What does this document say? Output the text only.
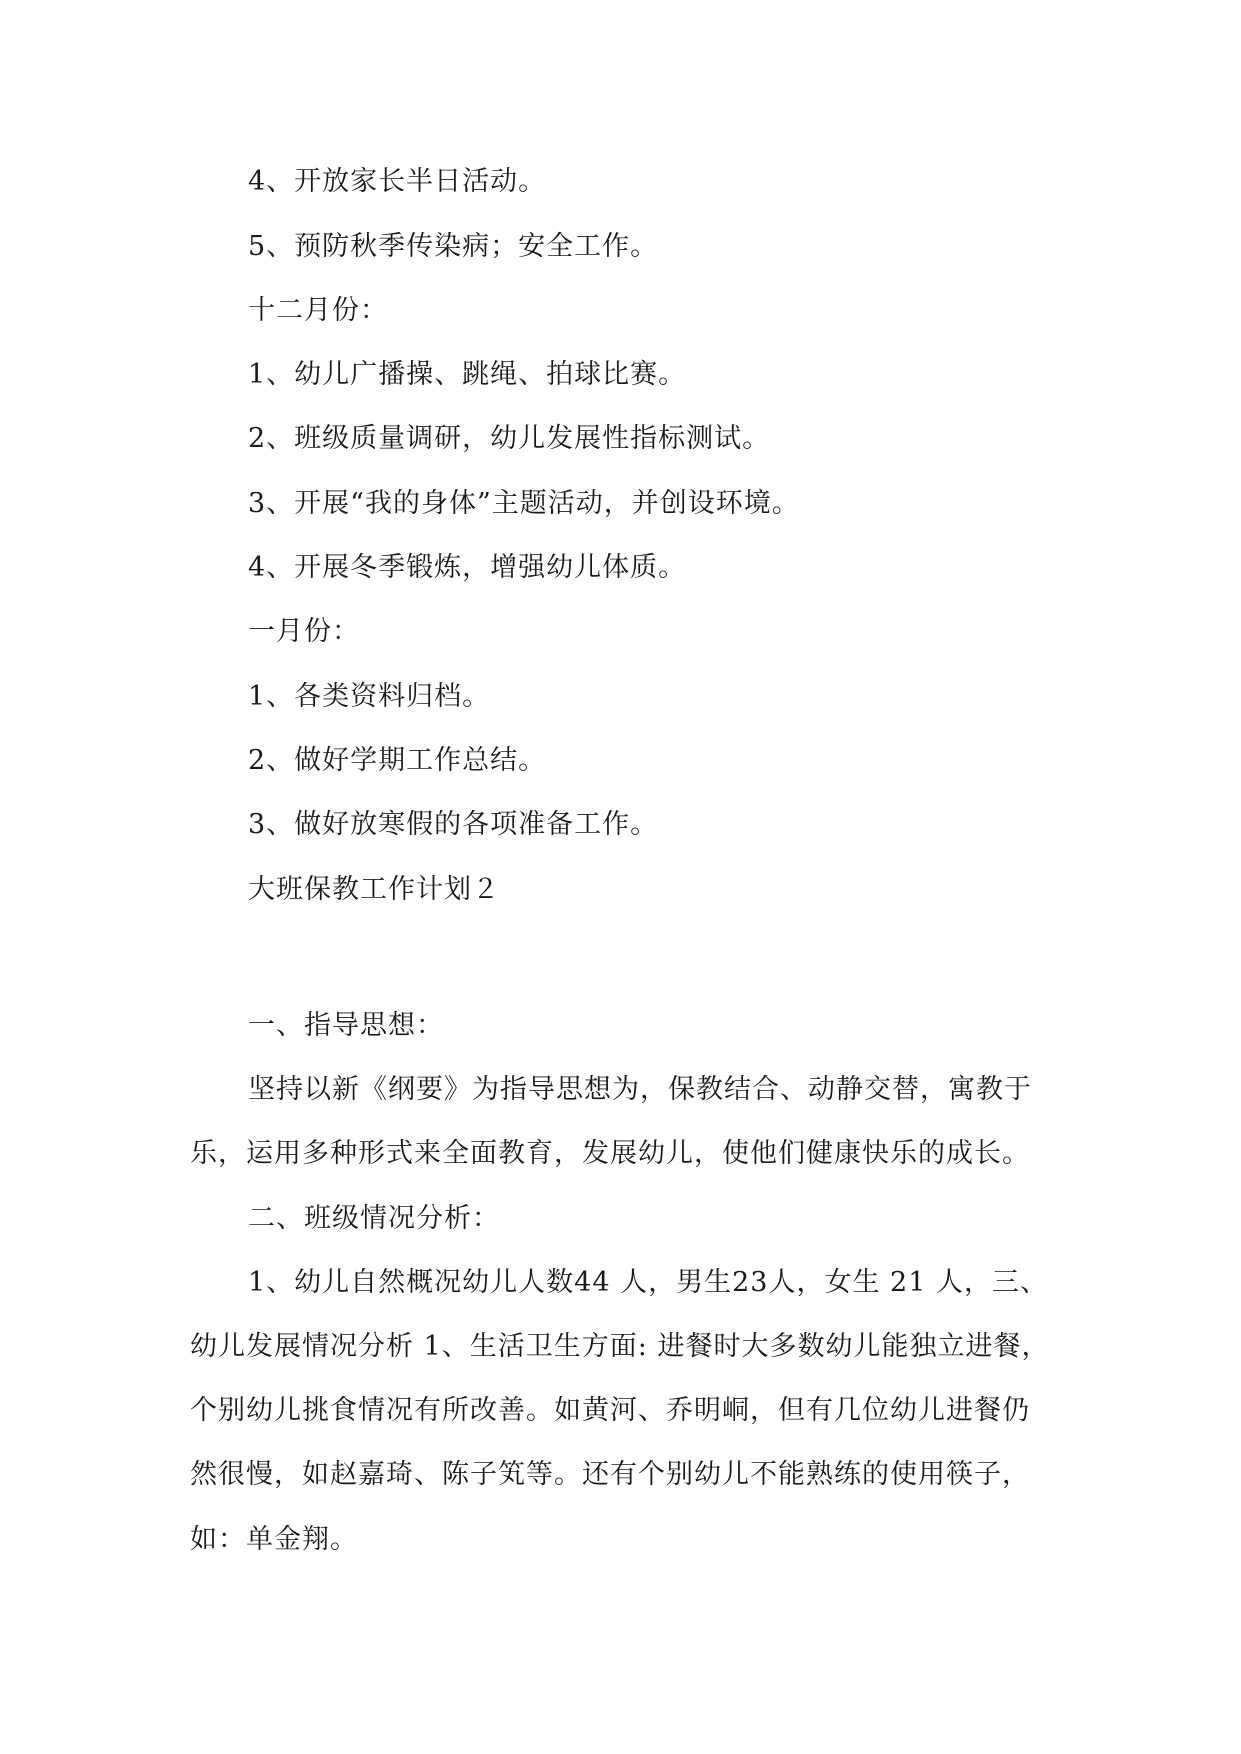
4、开放家长半日活动。
5、预防秋季传染病；安全工作。
十二月份：
1、幼儿广播操、跳绳、拍球比赛。
2、班级质量调研，幼儿发展性指标测试。
3、开展“我的身体”主题活动，并创设环境。
4、开展冬季锻炼，增强幼儿体质。
一月份：
1、各类资料归档。
2、做好学期工作总结。
3、做好放寒假的各项准备工作。
大班保教工作计划２
一、指导思想：
坚持以新《纲要》为指导思想为，保教结合、动静交替，寓教于
乐，运用多种形式来全面教育，发展幼儿，使他们健康快乐的成长。
二、班级情况分析：
1、幼儿自然概况幼儿人数44 人，男生23人，女生 21 人，三、
幼儿发展情况分析 1、生活卫生方面: 进餐时大多数幼儿能独立进餐，
个别幼儿挑食情况有所改善。如黄河、乔明峒，但有几位幼儿进餐仍
然很慢，如赵嘉琦、陈子笂等。还有个别幼儿不能熟练的使用筷子，
如：单金翔。
